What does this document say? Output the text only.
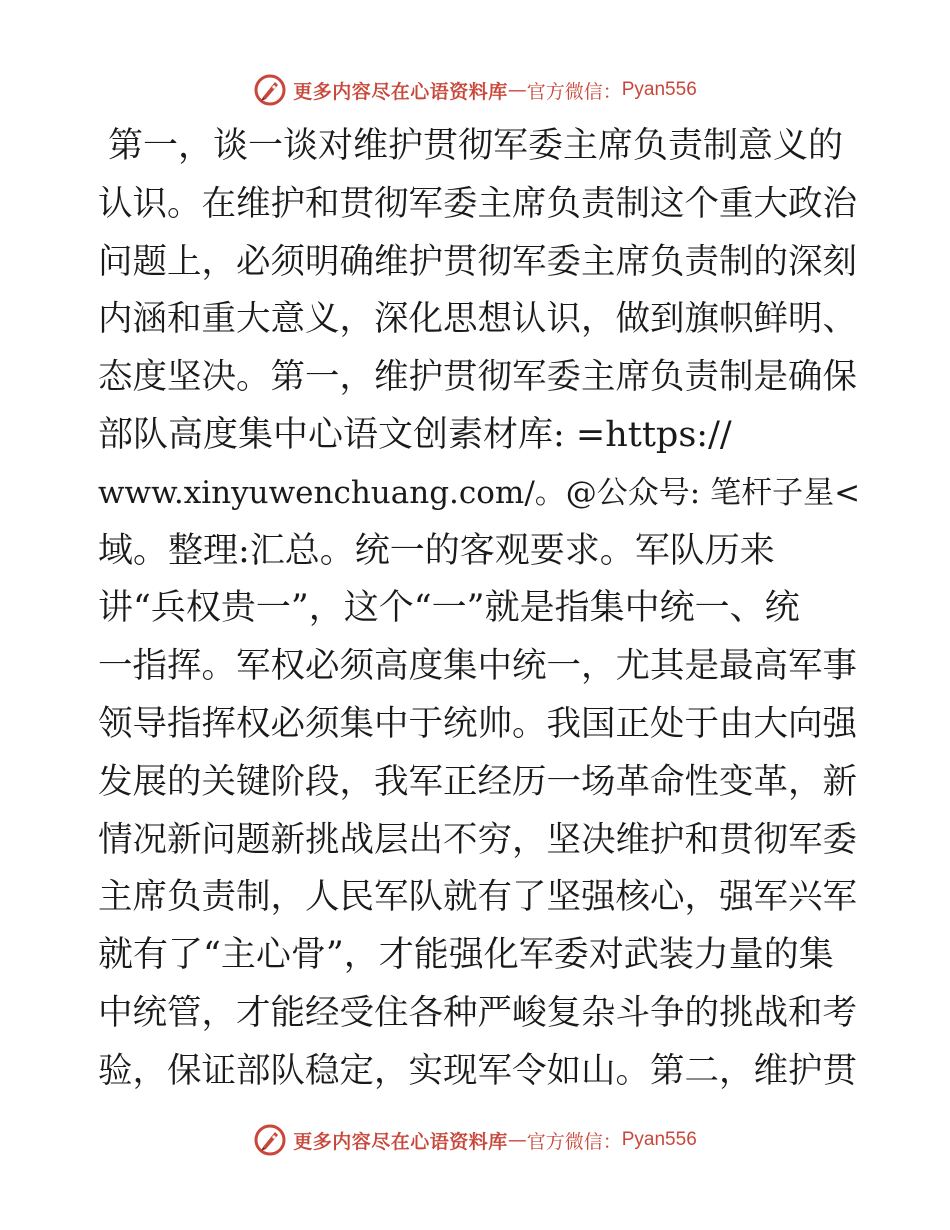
更多内容尽在心语资料库 — 官方微信： Pyan556
第一，谈一谈对维护贯彻军委主席负责制意义的
认识。在维护和贯彻军委主席负责制这个重大政治
问题上，必须明确维护贯彻军委主席负责制的深刻
内涵和重大意义，深化思想认识，做到旗帜鲜明、
态度坚决。第一，维护贯彻军委主席负责制是确保
部队高度集中心语文创素材库: =https://
www.xinyuwenchuang.com/。@公众号: 笔杆子星<
域。整理:汇总。统一的客观要求。军队历来
讲“兵权贵一”，这个“一”就是指集中统一、统
一指挥。军权必须高度集中统一，尤其是最高军事
领导指挥权必须集中于统帅。我国正处于由大向强
发展的关键阶段，我军正经历一场革命性变革，新
情况新问题新挑战层出不穷，坚决维护和贯彻军委
主席负责制，人民军队就有了坚强核心，强军兴军
就有了“主心骨”，才能强化军委对武装力量的集
中统管，才能经受住各种严峻复杂斗争的挑战和考
验，保证部队稳定，实现军令如山。第二，维护贯
更多内容尽在心语资料库 — 官方微信： Pyan556
